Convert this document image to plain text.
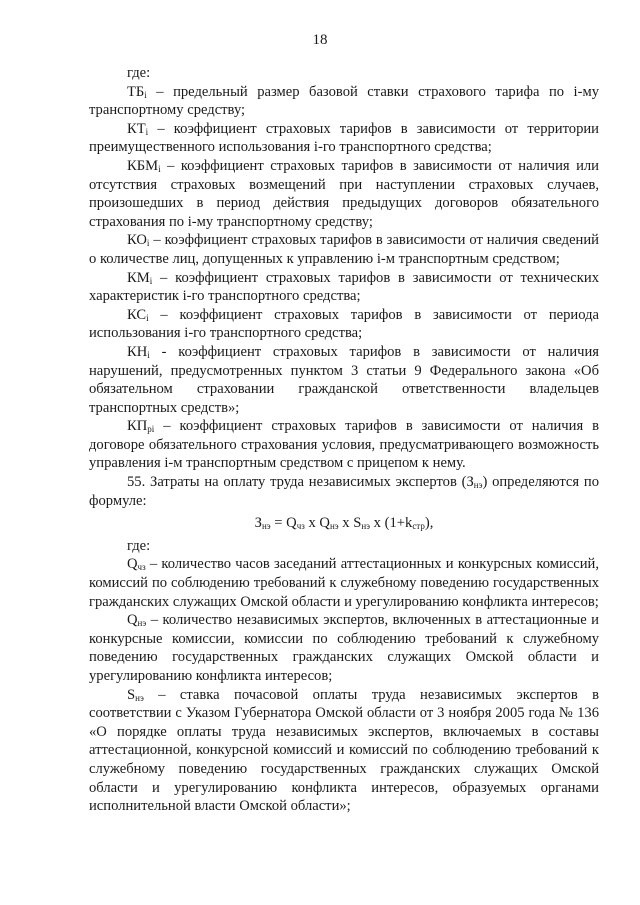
18

где:

$ТБ_i$ – предельный размер базовой ставки страхового тарифа по i-му транспортному средству;

$КТ_i$ – коэффициент страховых тарифов в зависимости от территории преимущественного использования i-го транспортного средства;

$КБМ_i$ – коэффициент страховых тарифов в зависимости от наличия или отсутствия страховых возмещений при наступлении страховых случаев, произошедших в период действия предыдущих договоров обязательного страхования по i-му транспортному средству;

$КО_i$ – коэффициент страховых тарифов в зависимости от наличия сведений о количестве лиц, допущенных к управлению i-м транспортным средством;

$КМ_i$ – коэффициент страховых тарифов в зависимости от технических характеристик i-го транспортного средства;

$КС_i$ – коэффициент страховых тарифов в зависимости от периода использования i-го транспортного средства;

$КН_i$ - коэффициент страховых тарифов в зависимости от наличия нарушений, предусмотренных пунктом 3 статьи 9 Федерального закона «Об обязательном страховании гражданской ответственности владельцев транспортных средств»;

$КП_{pi}$ – коэффициент страховых тарифов в зависимости от наличия в договоре обязательного страхования условия, предусматривающего возможность управления i-м транспортным средством с прицепом к нему.

55. Затраты на оплату труда независимых экспертов $(З_{нэ})$ определяются по формуле:

$З_{нэ} = Q_{чз}$ x $Q_{нэ}$ x $S_{нэ}$ x $(1+k_{стр})$,

где:

$Q_{чз}$ – количество часов заседаний аттестационных и конкурсных комиссий, комиссий по соблюдению требований к служебному поведению государственных гражданских служащих Омской области и урегулированию конфликта интересов;

$Q_{нэ}$ – количество независимых экспертов, включенных в аттестационные и конкурсные комиссии, комиссии по соблюдению требований к служебному поведению государственных гражданских служащих Омской области и урегулированию конфликта интересов;

$S_{нэ}$ – ставка почасовой оплаты труда независимых экспертов в соответствии с Указом Губернатора Омской области от 3 ноября 2005 года № 136 «О порядке оплаты труда независимых экспертов, включаемых в составы аттестационной, конкурсной комиссий и комиссий по соблюдению требований к служебному поведению государственных гражданских служащих Омской области и урегулированию конфликта интересов, образуемых органами исполнительной власти Омской области»;
